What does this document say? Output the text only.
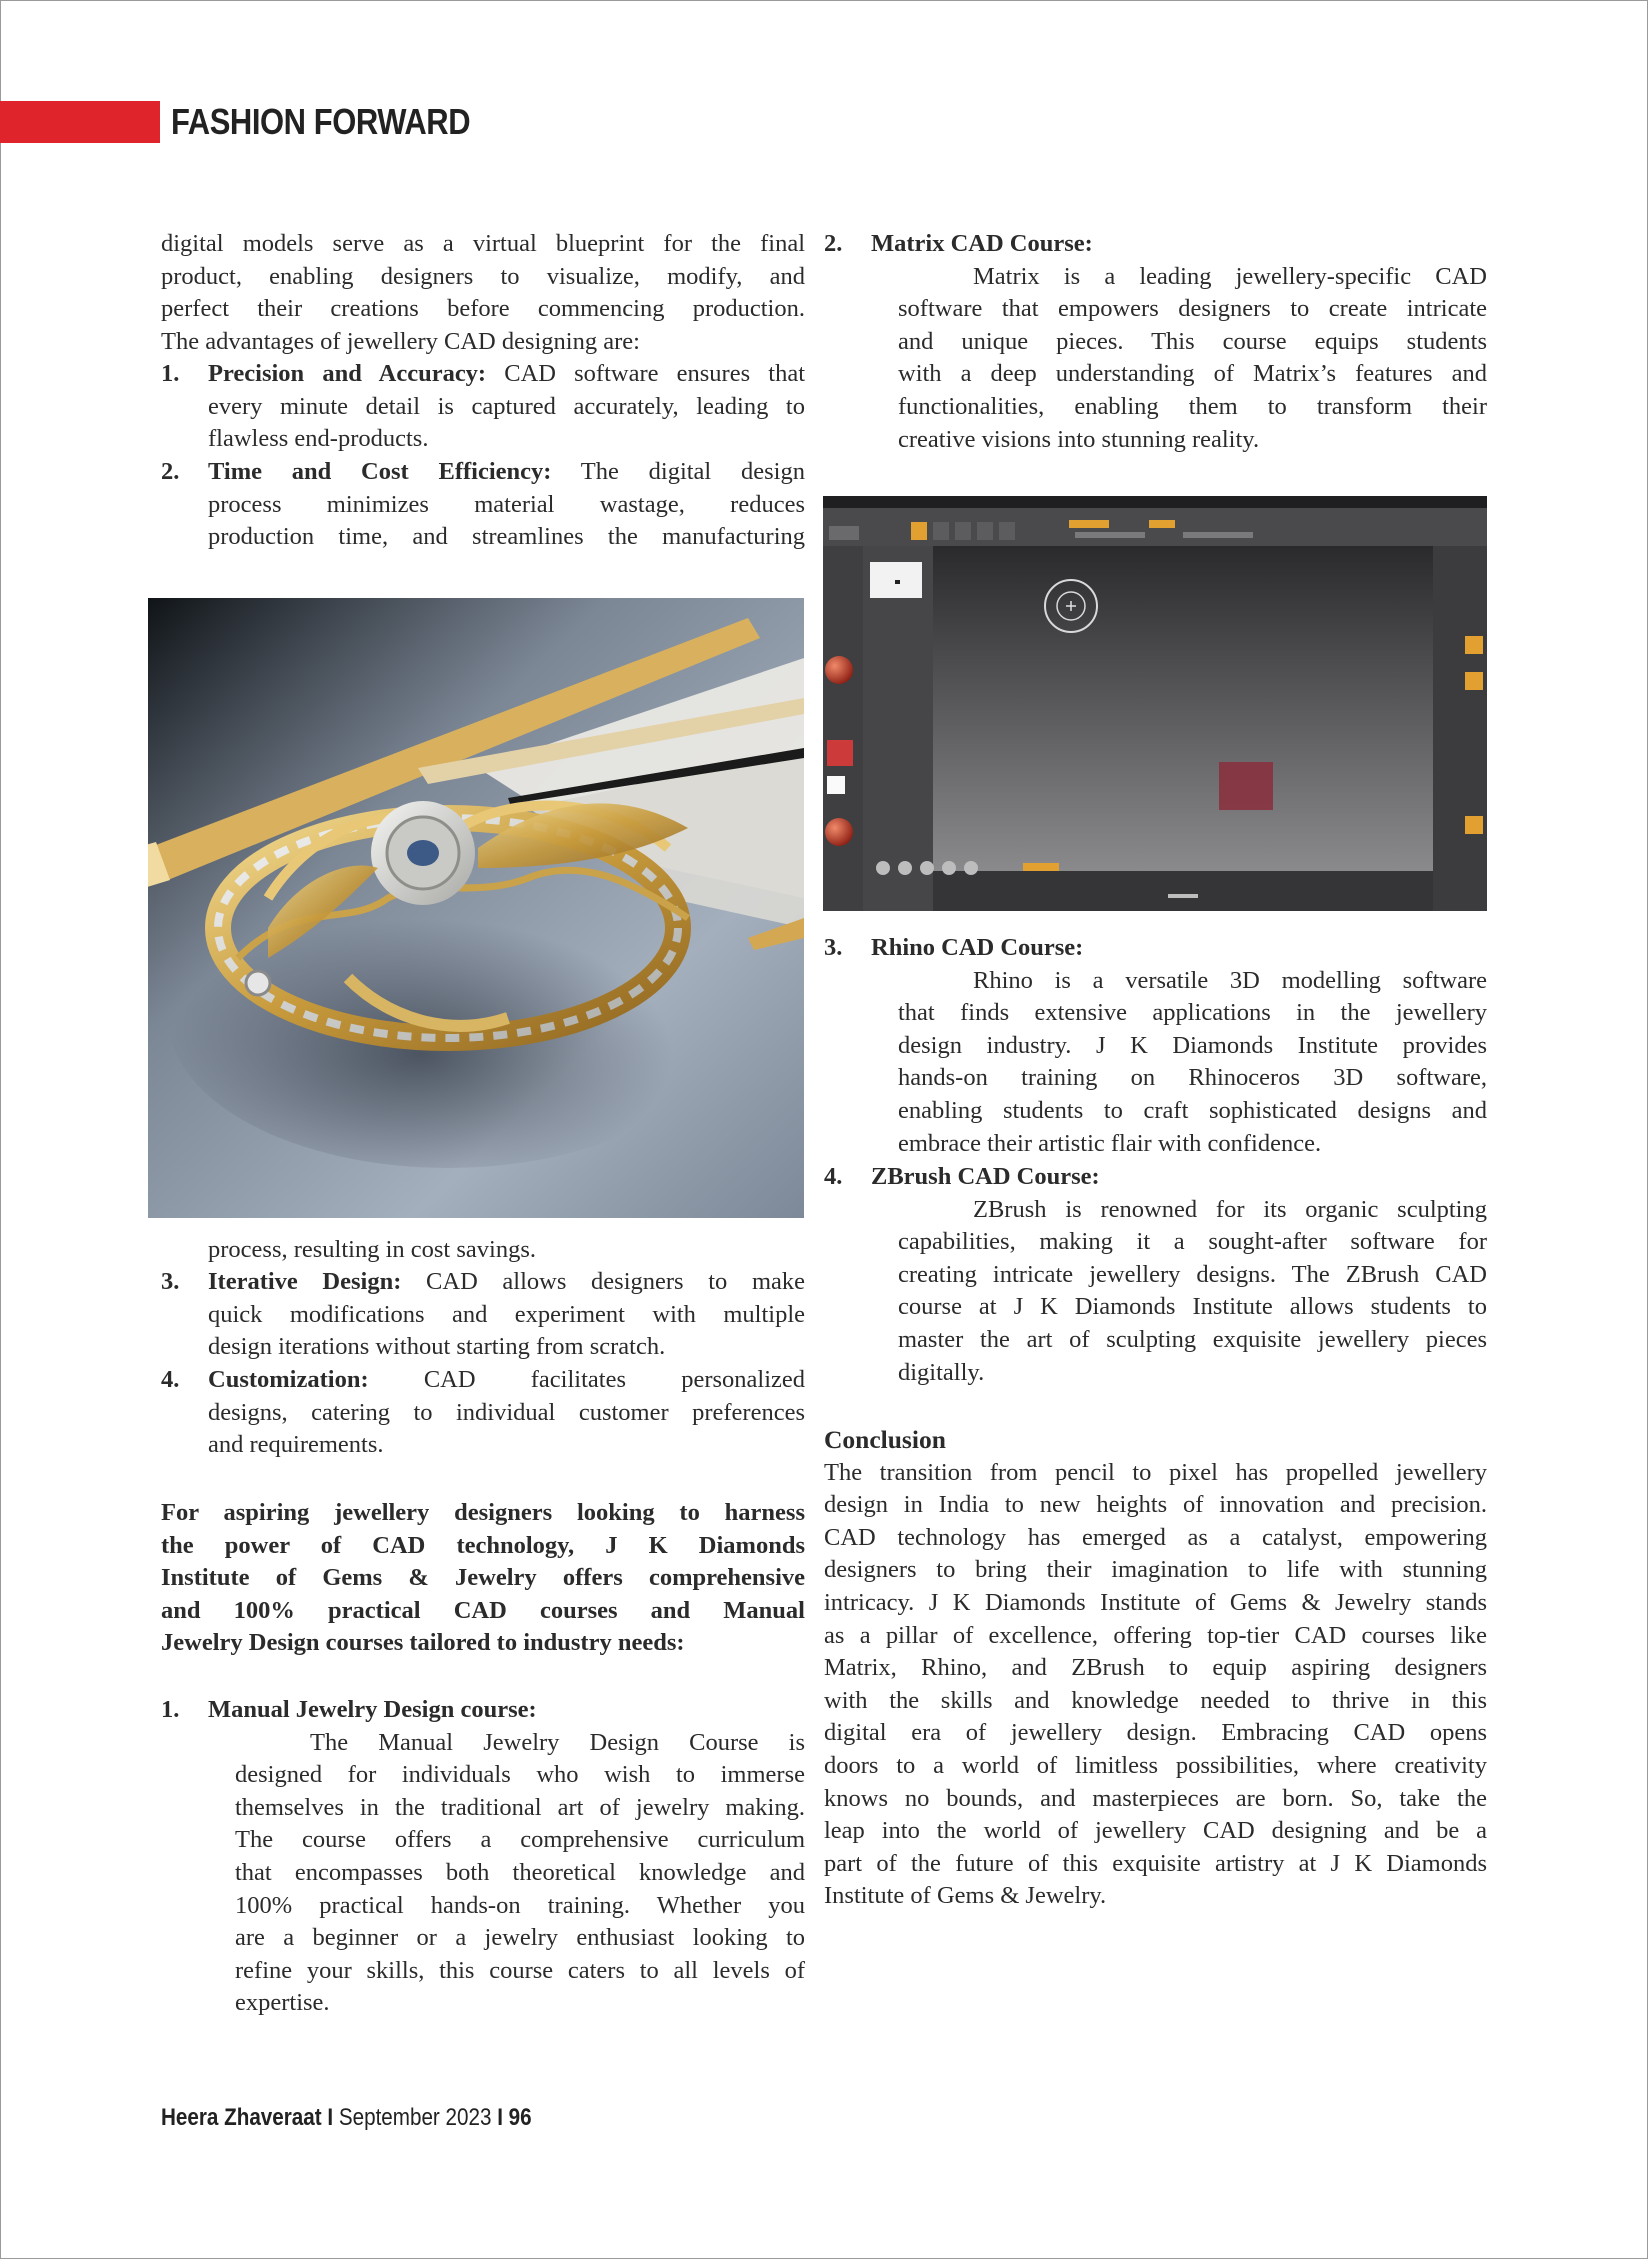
FASHION FORWARD
digital models serve as a virtual blueprint for the final
product, enabling designers to visualize, modify, and
perfect their creations before commencing production.
The advantages of jewellery CAD designing are:
1. Precision and Accuracy: CAD software ensures that
every minute detail is captured accurately, leading to
flawless end-products.
2. Time and Cost Efficiency: The digital design
process minimizes material wastage, reduces
production time, and streamlines the manufacturing
process, resulting in cost savings.
3. Iterative Design: CAD allows designers to make
quick modifications and experiment with multiple
design iterations without starting from scratch.
4. Customization: CAD facilitates personalized
designs, catering to individual customer preferences
and requirements.
For aspiring jewellery designers looking to harness
the power of CAD technology, J K Diamonds
Institute of Gems & Jewelry offers comprehensive
and 100% practical CAD courses and Manual
Jewelry Design courses tailored to industry needs:
1. Manual Jewelry Design course:
The Manual Jewelry Design Course is
designed for individuals who wish to immerse
themselves in the traditional art of jewelry making.
The course offers a comprehensive curriculum
that encompasses both theoretical knowledge and
100% practical hands-on training. Whether you
are a beginner or a jewelry enthusiast looking to
refine your skills, this course caters to all levels of
expertise.
2. Matrix CAD Course:
Matrix is a leading jewellery-specific CAD
software that empowers designers to create intricate
and unique pieces. This course equips students
with a deep understanding of Matrix’s features and
functionalities, enabling them to transform their
creative visions into stunning reality.
3. Rhino CAD Course:
Rhino is a versatile 3D modelling software
that finds extensive applications in the jewellery
design industry. J K Diamonds Institute provides
hands-on training on Rhinoceros 3D software,
enabling students to craft sophisticated designs and
embrace their artistic flair with confidence.
4. ZBrush CAD Course:
ZBrush is renowned for its organic sculpting
capabilities, making it a sought-after software for
creating intricate jewellery designs. The ZBrush CAD
course at J K Diamonds Institute allows students to
master the art of sculpting exquisite jewellery pieces
digitally.
Conclusion
The transition from pencil to pixel has propelled jewellery
design in India to new heights of innovation and precision.
CAD technology has emerged as a catalyst, empowering
designers to bring their imagination to life with stunning
intricacy. J K Diamonds Institute of Gems & Jewelry stands
as a pillar of excellence, offering top-tier CAD courses like
Matrix, Rhino, and ZBrush to equip aspiring designers
with the skills and knowledge needed to thrive in this
digital era of jewellery design. Embracing CAD opens
doors to a world of limitless possibilities, where creativity
knows no bounds, and masterpieces are born. So, take the
leap into the world of jewellery CAD designing and be a
part of the future of this exquisite artistry at J K Diamonds
Institute of Gems & Jewelry.
Heera Zhaveraat I September 2023 I 96
